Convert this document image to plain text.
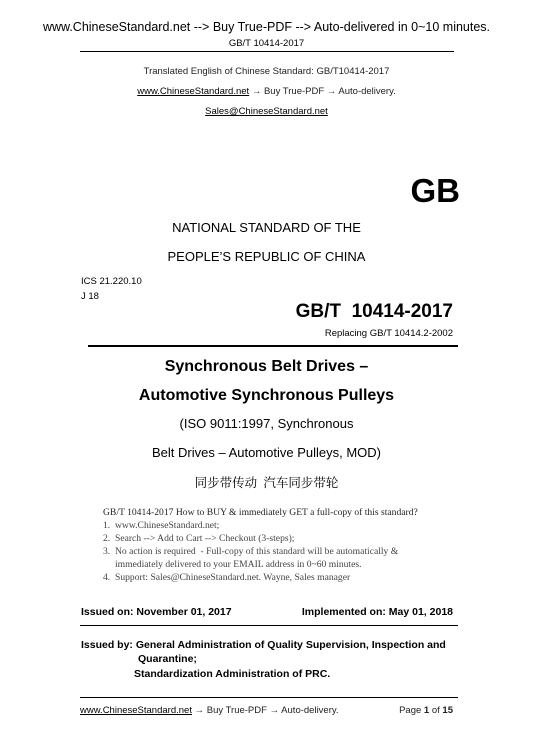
www.ChineseStandard.net --> Buy True-PDF --> Auto-delivered in 0~10 minutes.
GB/T 10414-2017
Translated English of Chinese Standard: GB/T10414-2017
www.ChineseStandard.net → Buy True-PDF → Auto-delivery.
Sales@ChineseStandard.net
GB
NATIONAL STANDARD OF THE
PEOPLE’S REPUBLIC OF CHINA
ICS 21.220.10
J 18
GB/T  10414-2017
Replacing GB/T 10414.2-2002
Synchronous Belt Drives –
Automotive Synchronous Pulleys
(ISO 9011:1997, Synchronous
Belt Drives – Automotive Pulleys, MOD)
同步带传动  汽车同步带轮
GB/T 10414-2017 How to BUY & immediately GET a full-copy of this standard?
1.  www.ChineseStandard.net;
2.  Search --> Add to Cart --> Checkout (3-steps);
3.  No action is required  - Full-copy of this standard will be automatically &
immediately delivered to your EMAIL address in 0~60 minutes.
4.  Support: Sales@ChineseStandard.net. Wayne, Sales manager
Issued on: November 01, 2017	Implemented on: May 01, 2018
Issued by: General Administration of Quality Supervision, Inspection and
Quarantine;
Standardization Administration of PRC.
www.ChineseStandard.net → Buy True-PDF → Auto-delivery.	Page 1 of 15
